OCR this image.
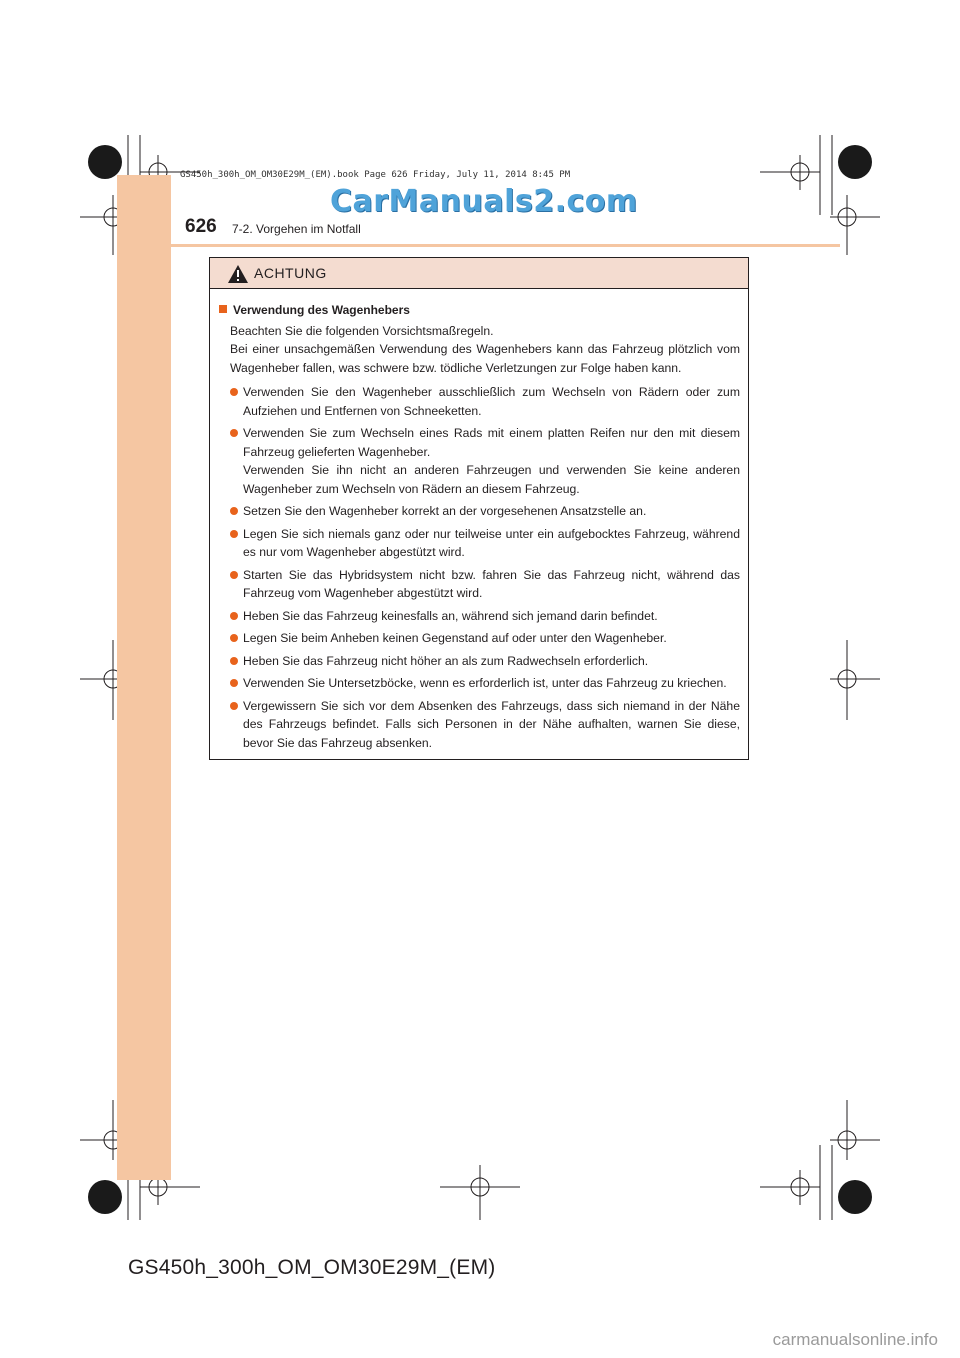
GS450h_300h_OM_OM30E29M_(EM).book Page 626 Friday, July 11, 2014 8:45 PM
CarManuals2.com
626 7-2. Vorgehen im Notfall
ACHTUNG
Verwendung des Wagenhebers

Beachten Sie die folgenden Vorsichtsmaßregeln.

Bei einer unsachgemäßen Verwendung des Wagenhebers kann das Fahrzeug plötzlich vom Wagenheber fallen, was schwere bzw. tödliche Verletzungen zur Folge haben kann.

Verwenden Sie den Wagenheber ausschließlich zum Wechseln von Rädern oder zum Aufziehen und Entfernen von Schneeketten.

Verwenden Sie zum Wechseln eines Rads mit einem platten Reifen nur den mit diesem Fahrzeug gelieferten Wagenheber.

Verwenden Sie ihn nicht an anderen Fahrzeugen und verwenden Sie keine anderen Wagenheber zum Wechseln von Rädern an diesem Fahrzeug.

Setzen Sie den Wagenheber korrekt an der vorgesehenen Ansatzstelle an.

Legen Sie sich niemals ganz oder nur teilweise unter ein aufgebocktes Fahrzeug, während es nur vom Wagenheber abgestützt wird.

Starten Sie das Hybridsystem nicht bzw. fahren Sie das Fahrzeug nicht, während das Fahrzeug vom Wagenheber abgestützt wird.

Heben Sie das Fahrzeug keinesfalls an, während sich jemand darin befindet.

Legen Sie beim Anheben keinen Gegenstand auf oder unter den Wagenheber.

Heben Sie das Fahrzeug nicht höher an als zum Radwechseln erforderlich.

Verwenden Sie Untersetzböcke, wenn es erforderlich ist, unter das Fahrzeug zu kriechen.

Vergewissern Sie sich vor dem Absenken des Fahrzeugs, dass sich niemand in der Nähe des Fahrzeugs befindet. Falls sich Personen in der Nähe aufhalten, warnen Sie diese, bevor Sie das Fahrzeug absenken.

GS450h_300h_OM_OM30E29M_(EM)
carmanualsonline.info
